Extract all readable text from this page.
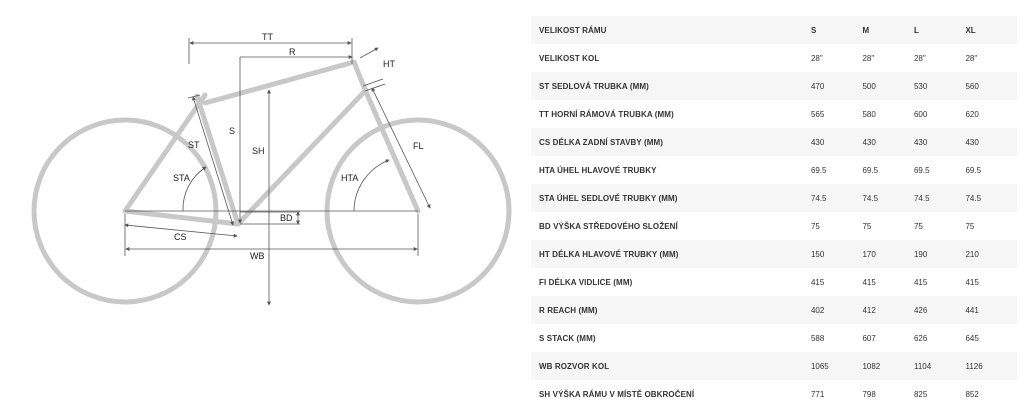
TT
R
HT
S
SH
ST
STA	HTA
FL
BD
CS
WB
VELIKOST RÁMU	S	M	L	XL
VELIKOST KOL	28"	28"	28"	28"
ST SEDLOVÁ TRUBKA (MM)	470	500	530	560
TT HORNÍ RÁMOVÁ TRUBKA (MM)	565	580	600	620
CS DÉLKA ZADNÍ STAVBY (MM)	430	430	430	430
HTA ÚHEL HLAVOVÉ TRUBKY	69.5	69.5	69.5	69.5
STA ÚHEL SEDLOVÉ TRUBKY (MM)	74.5	74.5	74.5	74.5
BD VÝŠKA STŘEDOVÉHO SLOŽENÍ	75	75	75	75
HT DÉLKA HLAVOVÉ TRUBKY (MM)	150	170	190	210
FI DÉLKA VIDLICE (MM)	415	415	415	415
R REACH (MM)	402	412	426	441
S STACK (MM)	588	607	626	645
WB ROZVOR KOL	1065	1082	1104	1126
SH VÝŠKA RÁMU V MÍSTĚ OBKROČENÍ	771	798	825	852
